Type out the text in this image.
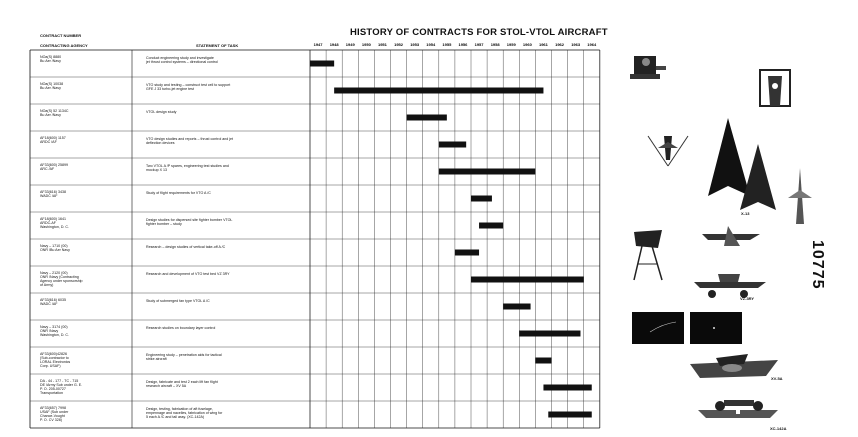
HISTORY OF CONTRACTS FOR STOL-VTOL AIRCRAFT
CONTRACT NUMBER
CONTRACTING AGENCY	STATEMENT OF TASK	1947 1948 1949 1950 1951 1952 1953 1954 1955 1956 1957 1958 1959 1960 1961 1962 1963 1964
NOa(S) 8880
Bu Aer /Navy
Conduct engineering study and investigate
jet thrust control systems – directional control
NOa(S) 10038
Bu Aer /Navy
VTO study and testing – construct test cell to support
GFE J 33 turbo-jet engine test
NOa(S) 52 1134C
Bu Aer /Navy
VTOL design study
AF18(600) 1157
ARDC /AF
VTO design studies and reports – thrust control and jet
deflection devices
AF33(600) 25899
ARC /AF
Two VTOL A /P spares, engineering test studies and
mockup X 13
AF33(616) 3438
WADC /AF
Study of flight requirements for VTO A /C
AF18(600) 1641
ARDC-AF
Washington, D. C.
Design studies for dispersed site fighter bomber VTOL
fighter bomber – study
Navy – 1710 (00)
ONR /Bu Aer Navy
Research – design studies of vertical take-off A /C
Navy – 2120 (00)
ONR /Navy (Contracting
Agency under sponsorship
of Army)
Research and development of VTO test bed VZ 3RY
AF33(616) 6035
WADC /AF
Study of submerged fan type VTOL A /C
Navy – 3174 (00)
ONR /Navy
Washington, D. C.
Research studies on boundary layer control
AF33(600)42826
(Sub-contractor to
LORAL Electronics
Corp. USAF)
Engineering study – penetration aids for tactical
strike aircraft
DA - 44 - 177 - TC - 715
DE /Army Sub under G. E.
P. O. 205-00727
Transportation
Design, fabricate and test 2 each lift fan flight
research aircraft – XV 5A
AF33(657) 7998
USAF (Sub under
Chance-Vought
P. O. CV 328)
Design, testing, fabrication of aft fuselage,
empennage and nacelles, fabrication of wing for
5 each A /C and tail assy. (XC-142A)
X-13
VZ-3RY
XV-5A
XC-142A
10775
